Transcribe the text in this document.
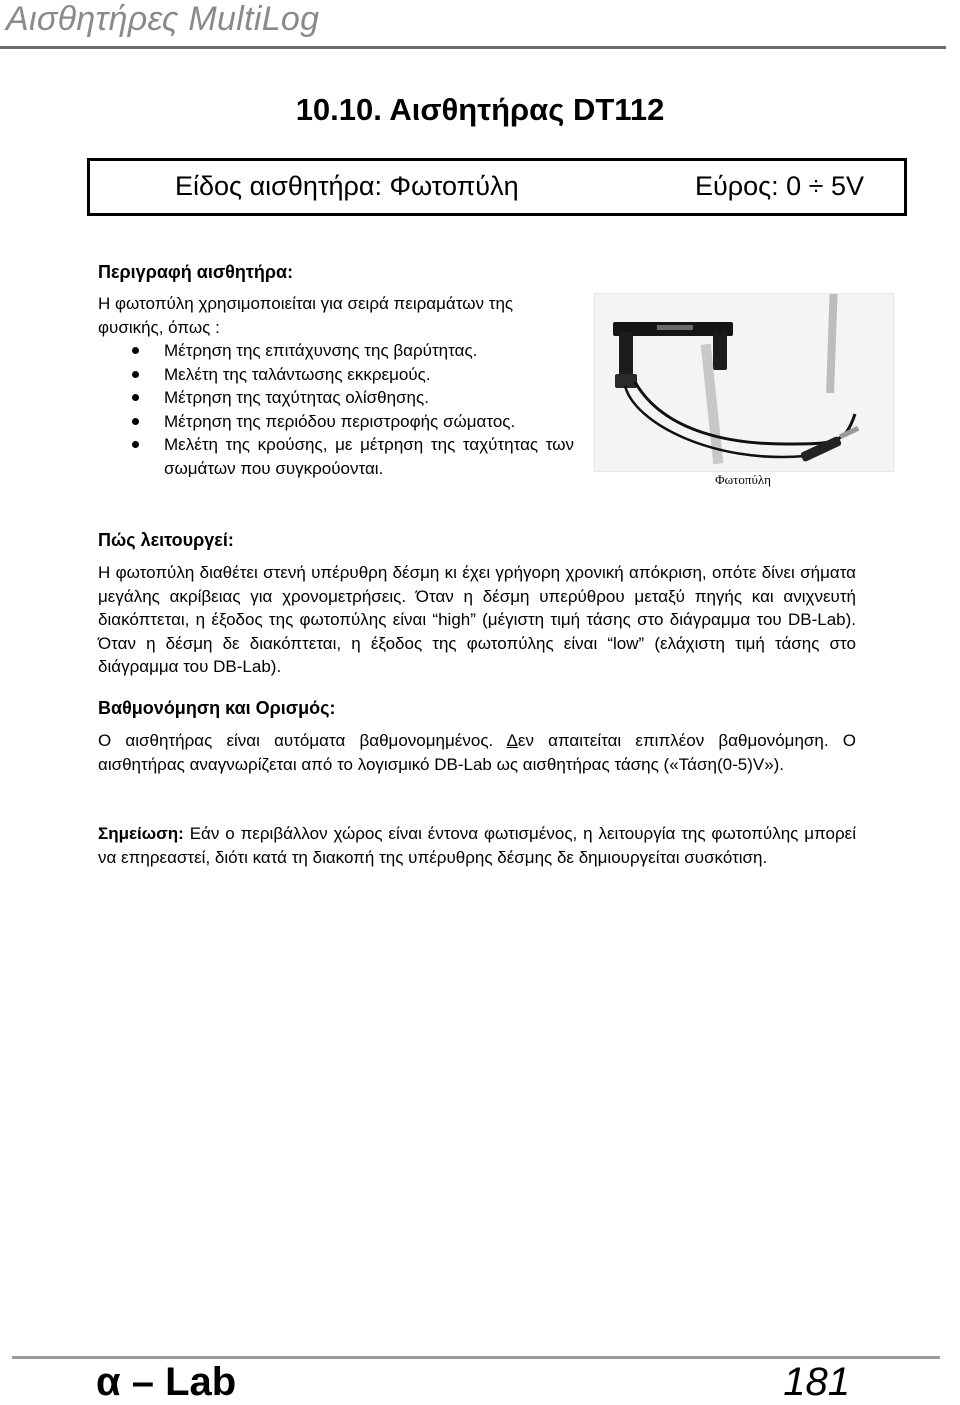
Αισθητήρες MultiLog
10.10. Αισθητήρας DT112
Είδος αισθητήρα: Φωτοπύλη	Εύρος: 0 ÷ 5V
Περιγραφή αισθητήρα:
Η φωτοπύλη χρησιμοποιείται για σειρά πειραμάτων της φυσικής, όπως :
Μέτρηση της επιτάχυνσης της βαρύτητας.
Μελέτη της ταλάντωσης εκκρεμούς.
Μέτρηση της ταχύτητας ολίσθησης.
Μέτρηση της περιόδου περιστροφής σώματος.
Μελέτη της κρούσης, με μέτρηση της ταχύτητας των σωμάτων που συγκρούονται.
Φωτοπύλη
Πώς λειτουργεί:
Η φωτοπύλη διαθέτει στενή υπέρυθρη δέσμη κι έχει γρήγορη χρονική απόκριση, οπότε δίνει σήματα μεγάλης ακρίβειας για χρονομετρήσεις. Όταν η δέσμη υπερύθρου μεταξύ πηγής και ανιχνευτή διακόπτεται, η έξοδος της φωτοπύλης είναι “high” (μέγιστη τιμή τάσης στο διάγραμμα του DB-Lab). Όταν η δέσμη δε διακόπτεται, η έξοδος της φωτοπύλης είναι “low” (ελάχιστη τιμή τάσης στο διάγραμμα του DB-Lab).
Βαθμονόμηση και Ορισμός:
Ο αισθητήρας είναι αυτόματα βαθμονομημένος. Δεν απαιτείται επιπλέον βαθμονόμηση. Ο αισθητήρας αναγνωρίζεται από το λογισμικό DB-Lab ως αισθητήρας τάσης («Τάση(0-5)V»).
Σημείωση: Εάν ο περιβάλλον χώρος είναι έντονα φωτισμένος, η λειτουργία της φωτοπύλης μπορεί να επηρεαστεί, διότι κατά τη διακοπή της υπέρυθρης δέσμης δε δημιουργείται συσκότιση.
α – Lab	181
